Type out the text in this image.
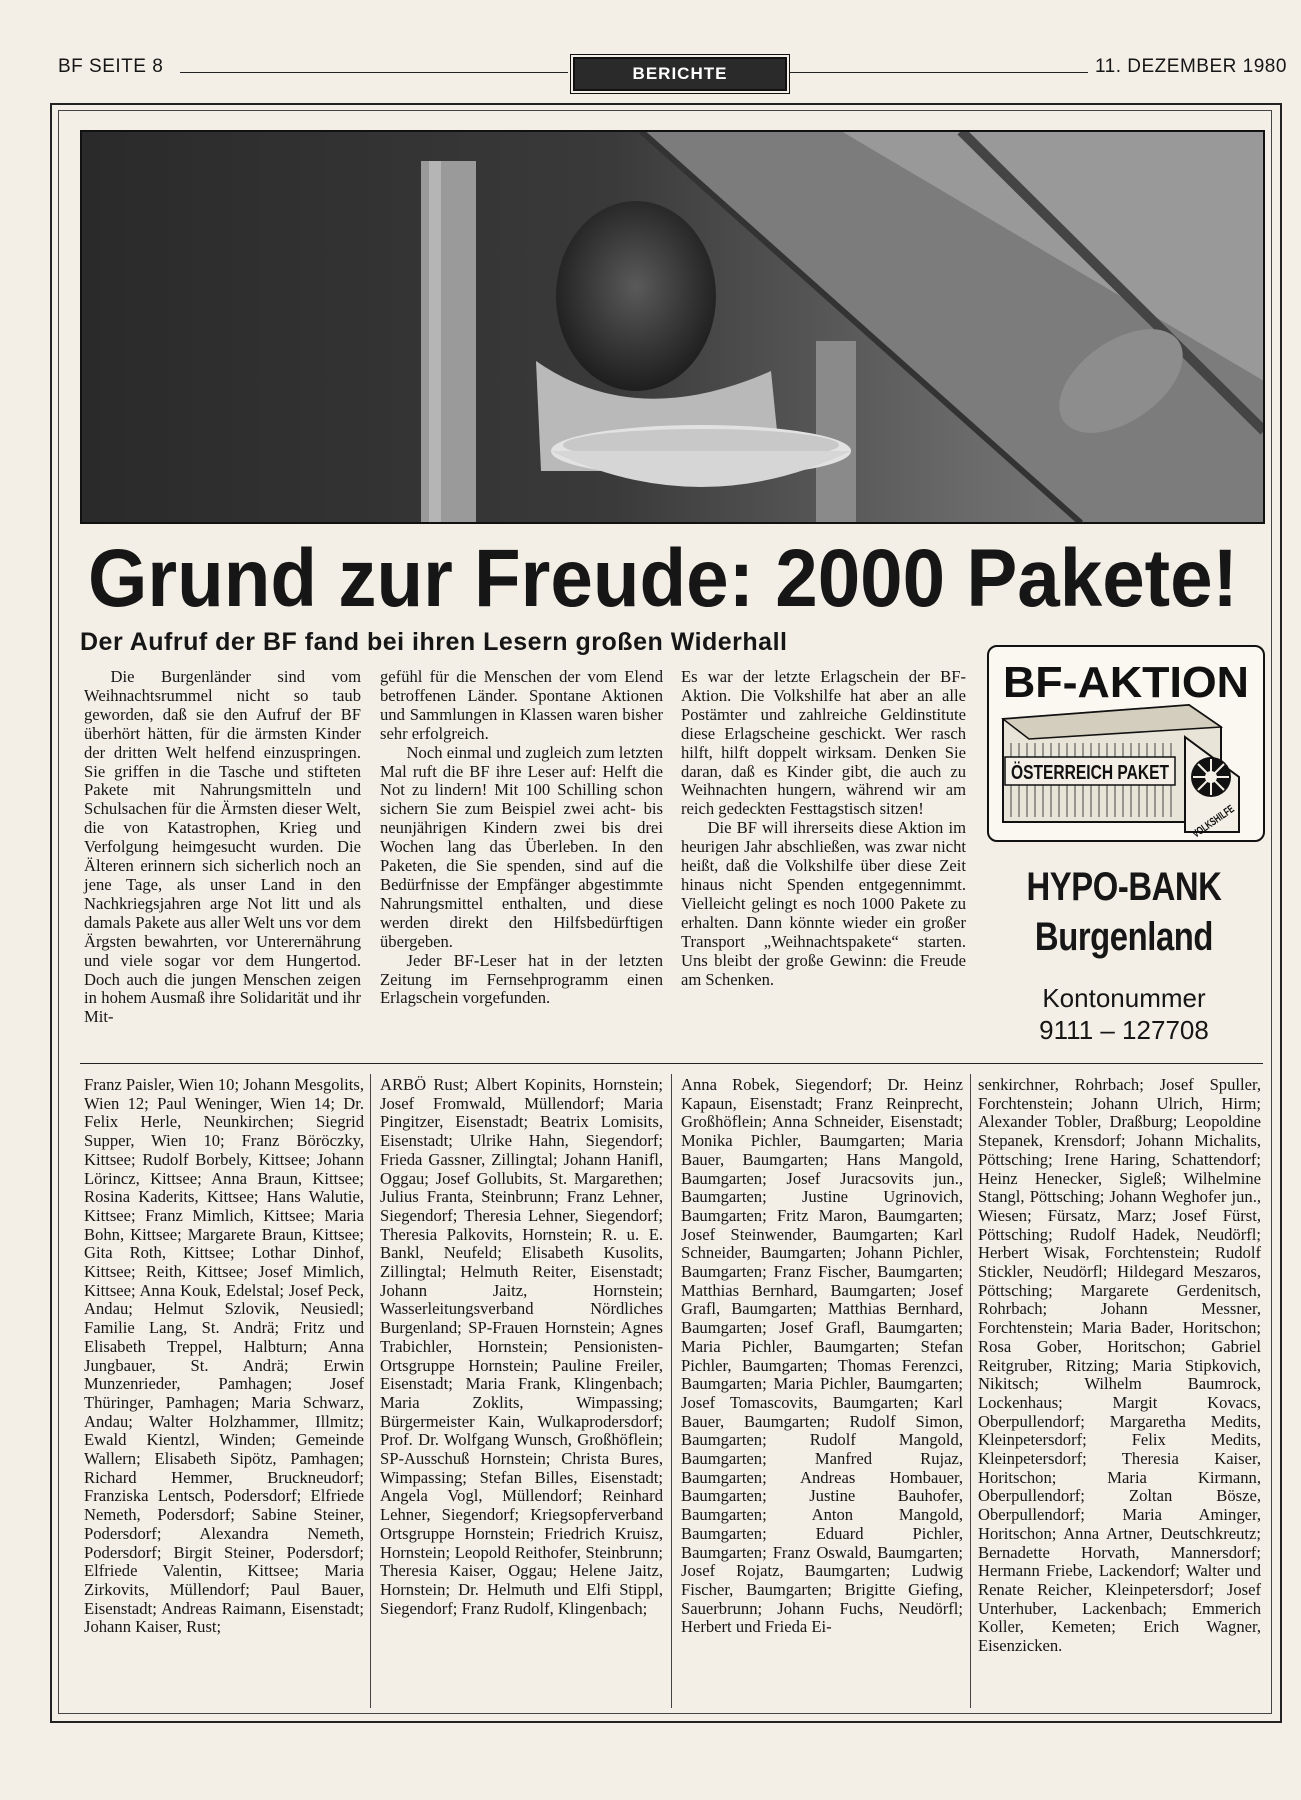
BF SEITE 8	BERICHTE	11. DEZEMBER 1980
Grund zur Freude: 2000 Pakete!
Der Aufruf der BF fand bei ihren Lesern großen Widerhall

Die Burgenländer sind vom Weihnachtsrummel nicht so taub geworden, daß sie den Aufruf der BF überhört hätten, für die ärmsten Kinder der dritten Welt helfend einzuspringen. Sie griffen in die Tasche und stifteten Pakete mit Nahrungsmitteln und Schulsachen für die Ärmsten dieser Welt, die von Katastrophen, Krieg und Verfolgung heimgesucht wurden. Die Älteren erinnern sich sicherlich noch an jene Tage, als unser Land in den Nachkriegsjahren arge Not litt und als damals Pakete aus aller Welt uns vor dem Ärgsten bewahrten, vor Unterernährung und viele sogar vor dem Hungertod. Doch auch die jungen Menschen zeigen in hohem Ausmaß ihre Solidarität und ihr Mit-

gefühl für die Menschen der vom Elend betroffenen Länder. Spontane Aktionen und Sammlungen in Klassen waren bisher sehr erfolgreich.

Noch einmal und zugleich zum letzten Mal ruft die BF ihre Leser auf: Helft die Not zu lindern! Mit 100 Schilling schon sichern Sie zum Beispiel zwei acht- bis neunjährigen Kindern zwei bis drei Wochen lang das Überleben. In den Paketen, die Sie spenden, sind auf die Bedürfnisse der Empfänger abgestimmte Nahrungsmittel enthalten, und diese werden direkt den Hilfsbedürftigen übergeben.

Jeder BF-Leser hat in der letzten Zeitung im Fernsehprogramm einen Erlagschein vorgefunden.

Es war der letzte Erlagschein der BF-Aktion. Die Volkshilfe hat aber an alle Postämter und zahlreiche Geldinstitute diese Erlagscheine geschickt. Wer rasch hilft, hilft doppelt wirksam. Denken Sie daran, daß es Kinder gibt, die auch zu Weihnachten hungern, während wir am reich gedeckten Festtagstisch sitzen!

Die BF will ihrerseits diese Aktion im heurigen Jahr abschließen, was zwar nicht heißt, daß die Volkshilfe über diese Zeit hinaus nicht Spenden entgegennimmt. Vielleicht gelingt es noch 1000 Pakete zu erhalten. Dann könnte wieder ein großer Transport „Weihnachtspakete“ starten. Uns bleibt der große Gewinn: die Freude am Schenken.

BF-AKTION
ÖSTERREICH PAKET
VOLKSHILFE
HYPO-BANK
Burgenland
Kontonummer
9111 – 127708
Franz Paisler, Wien 10; Johann Mesgolits, Wien 12; Paul Weninger, Wien 14; Dr. Felix Herle, Neunkirchen; Siegrid Supper, Wien 10; Franz Böröczky, Kittsee; Rudolf Borbely, Kittsee; Johann Lörincz, Kittsee; Anna Braun, Kittsee; Rosina Kaderits, Kittsee; Hans Walutie, Kittsee; Franz Mimlich, Kittsee; Maria Bohn, Kittsee; Margarete Braun, Kittsee; Gita Roth, Kittsee; Lothar Dinhof, Kittsee; Reith, Kittsee; Josef Mimlich, Kittsee; Anna Kouk, Edelstal; Josef Peck, Andau; Helmut Szlovik, Neusiedl; Familie Lang, St. Andrä; Fritz und Elisabeth Treppel, Halbturn; Anna Jungbauer, St. Andrä; Erwin Munzenrieder, Pamhagen; Josef Thüringer, Pamhagen; Maria Schwarz, Andau; Walter Holzhammer, Illmitz; Ewald Kientzl, Winden; Gemeinde Wallern; Elisabeth Sipötz, Pamhagen; Richard Hemmer, Bruckneudorf; Franziska Lentsch, Podersdorf; Elfriede Nemeth, Podersdorf; Sabine Steiner, Podersdorf; Alexandra Nemeth, Podersdorf; Birgit Steiner, Podersdorf; Elfriede Valentin, Kittsee; Maria Zirkovits, Müllendorf; Paul Bauer, Eisenstadt; Andreas Raimann, Eisenstadt; Johann Kaiser, Rust;
ARBÖ Rust; Albert Kopinits, Hornstein; Josef Fromwald, Müllendorf; Maria Pingitzer, Eisenstadt; Beatrix Lomisits, Eisenstadt; Ulrike Hahn, Siegendorf; Frieda Gassner, Zillingtal; Johann Hanifl, Oggau; Josef Gollubits, St. Margarethen; Julius Franta, Steinbrunn; Franz Lehner, Siegendorf; Theresia Lehner, Siegendorf; Theresia Palkovits, Hornstein; R. u. E. Bankl, Neufeld; Elisabeth Kusolits, Zillingtal; Helmuth Reiter, Eisenstadt; Johann Jaitz, Hornstein; Wasserleitungsverband Nördliches Burgenland; SP-Frauen Hornstein; Agnes Trabichler, Hornstein; Pensionisten-Ortsgruppe Hornstein; Pauline Freiler, Eisenstadt; Maria Frank, Klingenbach; Maria Zoklits, Wimpassing; Bürgermeister Kain, Wulkaprodersdorf; Prof. Dr. Wolfgang Wunsch, Großhöflein; SP-Ausschuß Hornstein; Christa Bures, Wimpassing; Stefan Billes, Eisenstadt; Angela Vogl, Müllendorf; Reinhard Lehner, Siegendorf; Kriegsopferverband Ortsgruppe Hornstein; Friedrich Kruisz, Hornstein; Leopold Reithofer, Steinbrunn; Theresia Kaiser, Oggau; Helene Jaitz, Hornstein; Dr. Helmuth und Elfi Stippl, Siegendorf; Franz Rudolf, Klingenbach;
Anna Robek, Siegendorf; Dr. Heinz Kapaun, Eisenstadt; Franz Reinprecht, Großhöflein; Anna Schneider, Eisenstadt; Monika Pichler, Baumgarten; Maria Bauer, Baumgarten; Hans Mangold, Baumgarten; Josef Juracsovits jun., Baumgarten; Justine Ugrinovich, Baumgarten; Fritz Maron, Baumgarten; Josef Steinwender, Baumgarten; Karl Schneider, Baumgarten; Johann Pichler, Baumgarten; Franz Fischer, Baumgarten; Matthias Bernhard, Baumgarten; Josef Grafl, Baumgarten; Matthias Bernhard, Baumgarten; Josef Grafl, Baumgarten; Maria Pichler, Baumgarten; Stefan Pichler, Baumgarten; Thomas Ferenzci, Baumgarten; Maria Pichler, Baumgarten; Josef Tomascovits, Baumgarten; Karl Bauer, Baumgarten; Rudolf Simon, Baumgarten; Rudolf Mangold, Baumgarten; Manfred Rujaz, Baumgarten; Andreas Hombauer, Baumgarten; Justine Bauhofer, Baumgarten; Anton Mangold, Baumgarten; Eduard Pichler, Baumgarten; Franz Oswald, Baumgarten; Josef Rojatz, Baumgarten; Ludwig Fischer, Baumgarten; Brigitte Giefing, Sauerbrunn; Johann Fuchs, Neudörfl; Herbert und Frieda Ei-
senkirchner, Rohrbach; Josef Spuller, Forchtenstein; Johann Ulrich, Hirm; Alexander Tobler, Draßburg; Leopoldine Stepanek, Krensdorf; Johann Michalits, Pöttsching; Irene Haring, Schattendorf; Heinz Henecker, Sigleß; Wilhelmine Stangl, Pöttsching; Johann Weghofer jun., Wiesen; Fürsatz, Marz; Josef Fürst, Pöttsching; Rudolf Hadek, Neudörfl; Herbert Wisak, Forchtenstein; Rudolf Stickler, Neudörfl; Hildegard Meszaros, Pöttsching; Margarete Gerdenitsch, Rohrbach; Johann Messner, Forchtenstein; Maria Bader, Horitschon; Rosa Gober, Horitschon; Gabriel Reitgruber, Ritzing; Maria Stipkovich, Nikitsch; Wilhelm Baumrock, Lockenhaus; Margit Kovacs, Oberpullendorf; Margaretha Medits, Kleinpetersdorf; Felix Medits, Kleinpetersdorf; Theresia Kaiser, Horitschon; Maria Kirmann, Oberpullendorf; Zoltan Bösze, Oberpullendorf; Maria Aminger, Horitschon; Anna Artner, Deutschkreutz; Bernadette Horvath, Mannersdorf; Hermann Friebe, Lackendorf; Walter und Renate Reicher, Kleinpetersdorf; Josef Unterhuber, Lackenbach; Emmerich Koller, Kemeten; Erich Wagner, Eisenzicken.
